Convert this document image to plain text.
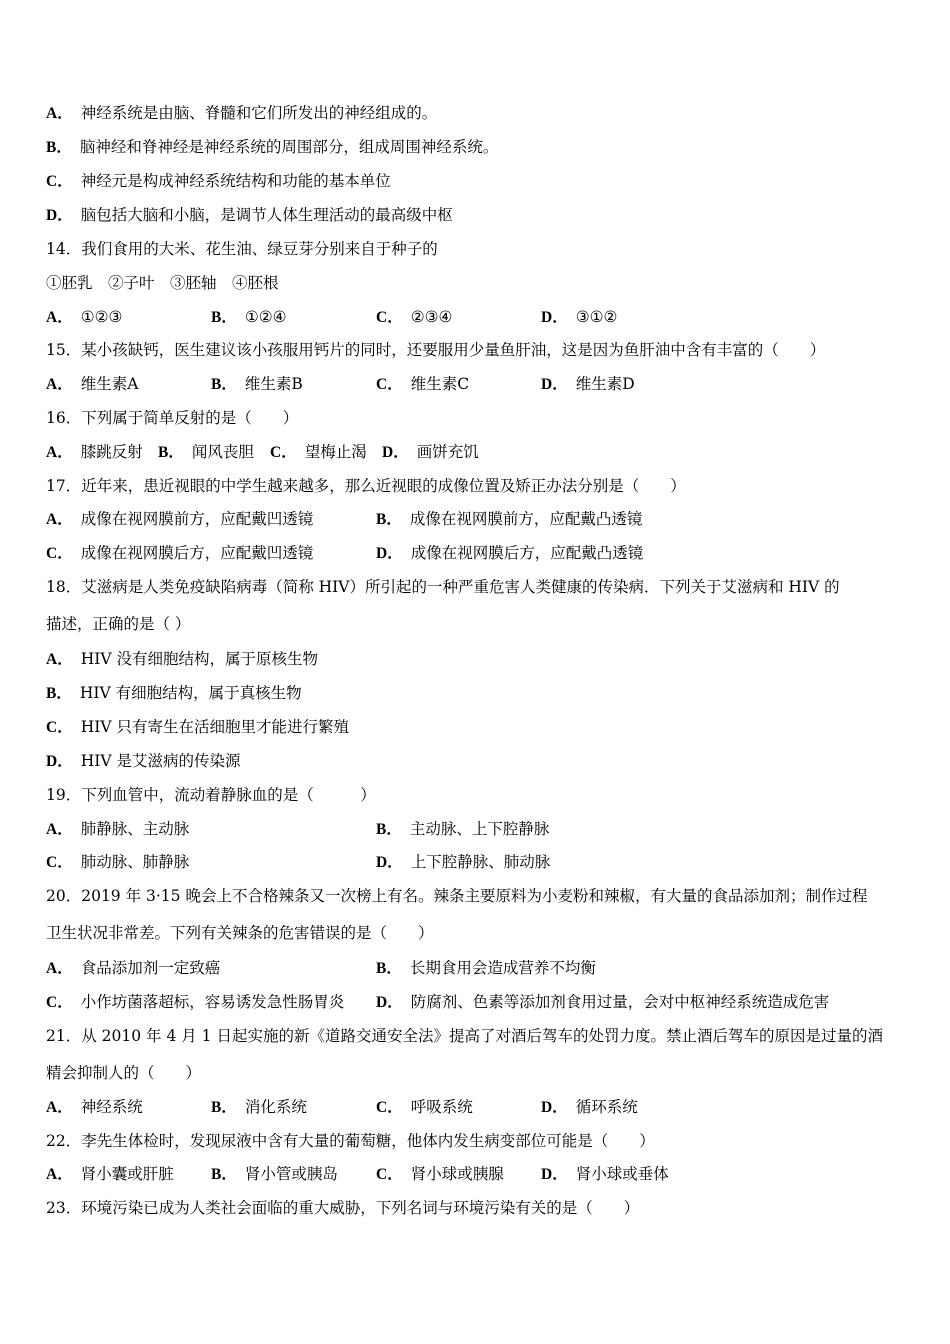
A． 神经系统是由脑、脊髓和它们所发出的神经组成的。
B． 脑神经和脊神经是神经系统的周围部分，组成周围神经系统。
C． 神经元是构成神经系统结构和功能的基本单位
D． 脑包括大脑和小脑，是调节人体生理活动的最高级中枢
14．我们食用的大米、花生油、绿豆芽分别来自于种子的
①胚乳　②子叶　③胚轴　④胚根
A． ①②③	B． ①②④	C． ②③④	D． ③①②
15．某小孩缺钙，医生建议该小孩服用钙片的同时，还要服用少量鱼肝油，这是因为鱼肝油中含有丰富的（　　）
A． 维生素A	B． 维生素B	C． 维生素C	D． 维生素D
16．下列属于简单反射的是（　　）
A． 膝跳反射 B． 闻风丧胆 C． 望梅止渴 D． 画饼充饥
17．近年来，患近视眼的中学生越来越多，那么近视眼的成像位置及矫正办法分别是（　　）
A． 成像在视网膜前方，应配戴凹透镜	B． 成像在视网膜前方，应配戴凸透镜
C． 成像在视网膜后方，应配戴凹透镜	D． 成像在视网膜后方，应配戴凸透镜
18．艾滋病是人类免疫缺陷病毒（简称 HIV）所引起的一种严重危害人类健康的传染病．下列关于艾滋病和 HIV 的
描述，正确的是（ ）
A． HIV 没有细胞结构，属于原核生物
B． HIV 有细胞结构，属于真核生物
C． HIV 只有寄生在活细胞里才能进行繁殖
D． HIV 是艾滋病的传染源
19．下列血管中，流动着静脉血的是（　　　）
A． 肺静脉、主动脉	B． 主动脉、上下腔静脉
C． 肺动脉、肺静脉	D． 上下腔静脉、肺动脉
20．2019 年 3·15 晚会上不合格辣条又一次榜上有名。辣条主要原料为小麦粉和辣椒，有大量的食品添加剂；制作过程
卫生状况非常差。下列有关辣条的危害错误的是（　　）
A． 食品添加剂一定致癌	B． 长期食用会造成营养不均衡
C． 小作坊菌落超标，容易诱发急性肠胃炎 D． 防腐剂、色素等添加剂食用过量，会对中枢神经系统造成危害
21．从 2010 年 4 月 1 日起实施的新《道路交通安全法》提高了对酒后驾车的处罚力度。禁止酒后驾车的原因是过量的酒
精会抑制人的（　　）
A． 神经系统	B． 消化系统	C． 呼吸系统	D． 循环系统
22．李先生体检时，发现尿液中含有大量的葡萄糖，他体内发生病变部位可能是（　　）
A． 肾小囊或肝脏 B． 肾小管或胰岛 C． 肾小球或胰腺 D． 肾小球或垂体
23．环境污染已成为人类社会面临的重大威胁，下列名词与环境污染有关的是（　　）
